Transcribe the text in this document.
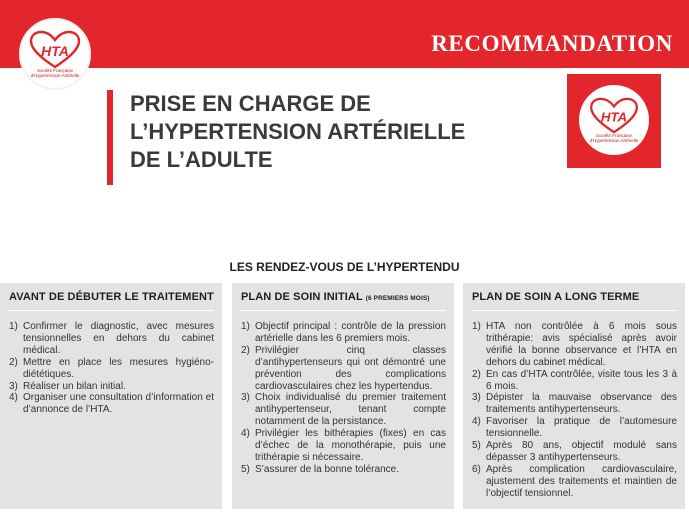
RECOMMANDATION
HTA
Société Française d'Hypertension Artérielle
HTA
Société Française d'Hypertension Artérielle
PRISE EN CHARGE DE
L’HYPERTENSION ARTÉRIELLE
DE L’ADULTE
LES RENDEZ-VOUS DE L’HYPERTENDU
AVANT DE DÉBUTER LE TRAITEMENT
1) Confirmer le diagnostic, avec mesures tensionnelles en dehors du cabinet médical.
2) Mettre en place les mesures hygiéno-diététiques.
3) Réaliser un bilan initial.
4) Organiser une consultation d’information et d’annonce de l’HTA.
PLAN DE SOIN INITIAL (6 PREMIERS MOIS)
1) Objectif principal : contrôle de la pression artérielle dans les 6 premiers mois.
2) Privilégier cinq classes d’antihypertenseurs qui ont démontré une prévention des complications cardiovasculaires chez les hypertendus.
3) Choix individualisé du premier traitement antihypertenseur, tenant compte notamment de la persistance.
4) Privilégier les bithérapies (fixes) en cas d’échec de la monothérapie, puis une trithérapie si nécessaire.
5) S’assurer de la bonne tolérance.
PLAN DE SOIN A LONG TERME
1) HTA non contrôlée à 6 mois sous trithérapie: avis spécialisé après avoir vérifié la bonne observance et l’HTA en dehors du cabinet médical.
2) En cas d’HTA contrôlée, visite tous les 3 à 6 mois.
3) Dépister la mauvaise observance des traitements antihypertenseurs.
4) Favoriser la pratique de l’automesure tensionnelle.
5) Après 80 ans, objectif modulé sans dépasser 3 antihypertenseurs.
6) Après complication cardiovasculaire, ajustement des traitements et maintien de l’objectif tensionnel.
